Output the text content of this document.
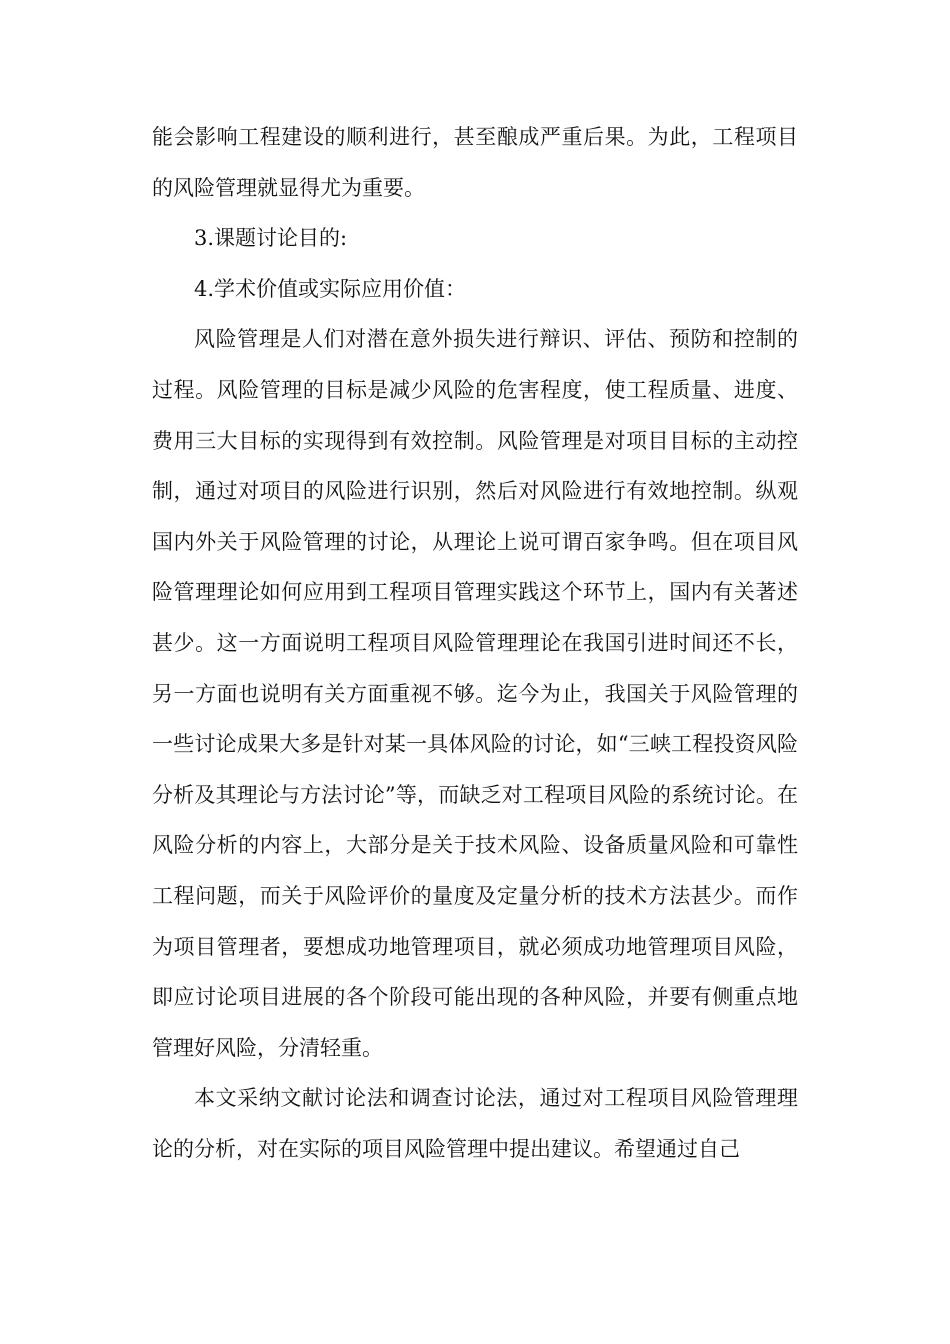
能会影响工程建设的顺利进行，甚至酿成严重后果。为此，工程项目的风险管理就显得尤为重要。

3.课题讨论目的:

4.学术价值或实际应用价值：

风险管理是人们对潜在意外损失进行辩识、评估、预防和控制的过程。风险管理的目标是减少风险的危害程度，使工程质量、进度、费用三大目标的实现得到有效控制。风险管理是对项目目标的主动控制，通过对项目的风险进行识别，然后对风险进行有效地控制。纵观国内外关于风险管理的讨论，从理论上说可谓百家争鸣。但在项目风险管理理论如何应用到工程项目管理实践这个环节上，国内有关著述甚少。这一方面说明工程项目风险管理理论在我国引进时间还不长，另一方面也说明有关方面重视不够。迄今为止，我国关于风险管理的一些讨论成果大多是针对某一具体风险的讨论，如“三峡工程投资风险分析及其理论与方法讨论”等，而缺乏对工程项目风险的系统讨论。在风险分析的内容上，大部分是关于技术风险、设备质量风险和可靠性工程问题，而关于风险评价的量度及定量分析的技术方法甚少。而作为项目管理者，要想成功地管理项目，就必须成功地管理项目风险，即应讨论项目进展的各个阶段可能出现的各种风险，并要有侧重点地管理好风险，分清轻重。

本文采纳文献讨论法和调查讨论法，通过对工程项目风险管理理论的分析，对在实际的项目风险管理中提出建议。希望通过自己
